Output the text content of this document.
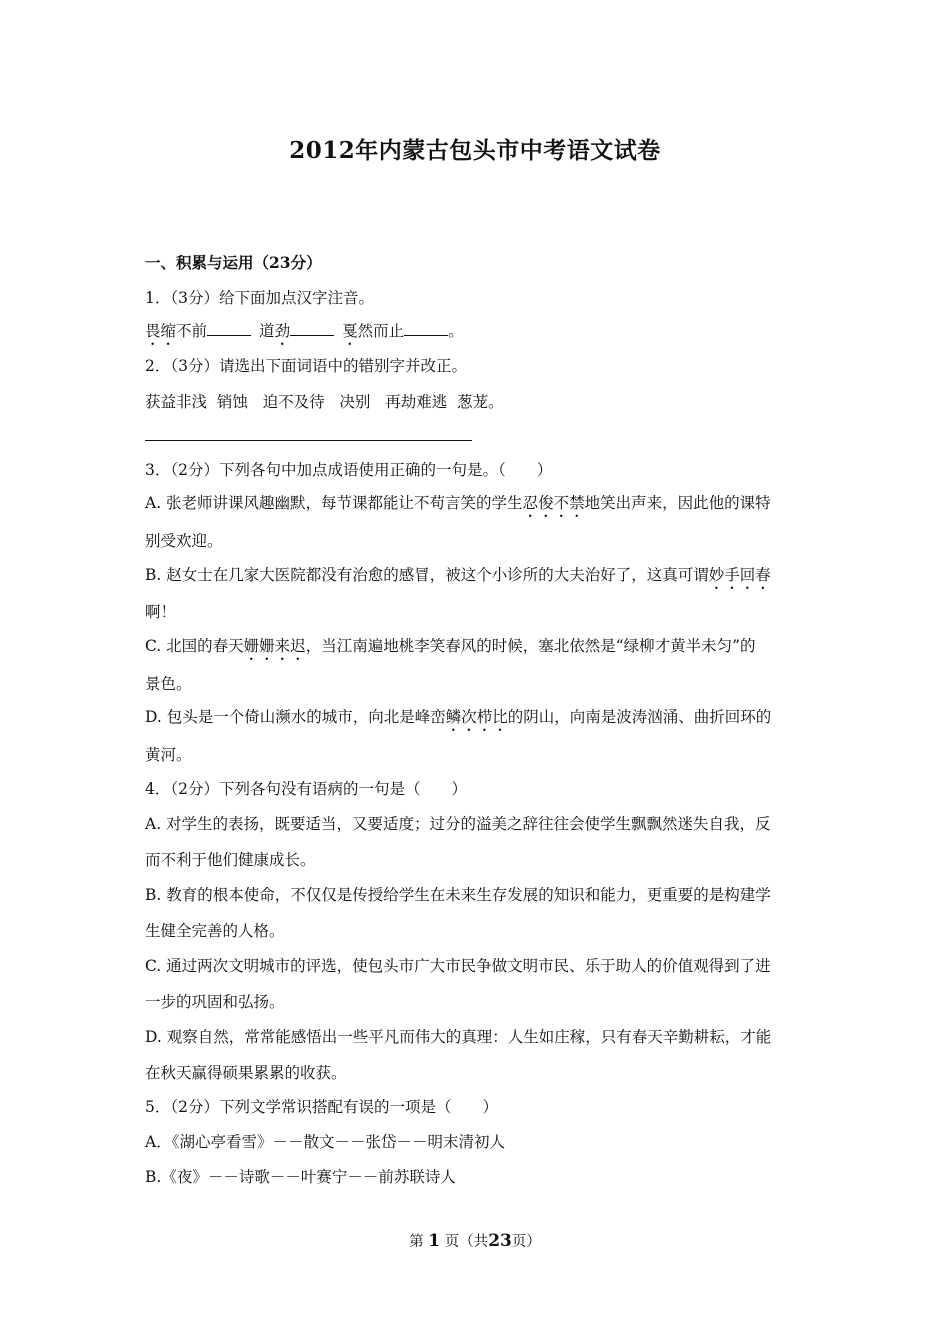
2012年内蒙古包头市中考语文试卷
一、积累与运用（23分）
1．（3分）给下面加点汉字注音。
畏缩不前	道劲	戛然而止	。
2．（3分）请选出下面词语中的错别字并改正。
获益非浅  销蚀   迫不及待   决别   再劫难逃  葱茏。
3．（2分）下列各句中加点成语使用正确的一句是。（　　）
A. 张老师讲课风趣幽默，每节课都能让不苟言笑的学生忍俊不禁地笑出声来，因此他的课特
别受欢迎。
B. 赵女士在几家大医院都没有治愈的感冒，被这个小诊所的大夫治好了，这真可谓妙手回春
啊！
C. 北国的春天姗姗来迟，当江南遍地桃李笑春风的时候，塞北依然是“绿柳才黄半未匀”的
景色。
D. 包头是一个倚山濒水的城市，向北是峰峦鳞次栉比的阴山，向南是波涛汹涌、曲折回环的
黄河。
4．（2分）下列各句没有语病的一句是（　　）
A. 对学生的表扬，既要适当，又要适度；过分的溢美之辞往往会使学生飘飘然迷失自我，反
而不利于他们健康成长。
B. 教育的根本使命，不仅仅是传授给学生在未来生存发展的知识和能力，更重要的是构建学
生健全完善的人格。
C. 通过两次文明城市的评选，使包头市广大市民争做文明市民、乐于助人的价值观得到了进
一步的巩固和弘扬。
D. 观察自然，常常能感悟出一些平凡而伟大的真理：人生如庄稼，只有春天辛勤耕耘，才能
在秋天赢得硕果累累的收获。
5．（2分）下列文学常识搭配有误的一项是（　　）
A．《湖心亭看雪》－－散文－－张岱－－明末清初人
B.《夜》－－诗歌－－叶赛宁－－前苏联诗人
第 1 页（共23页）
